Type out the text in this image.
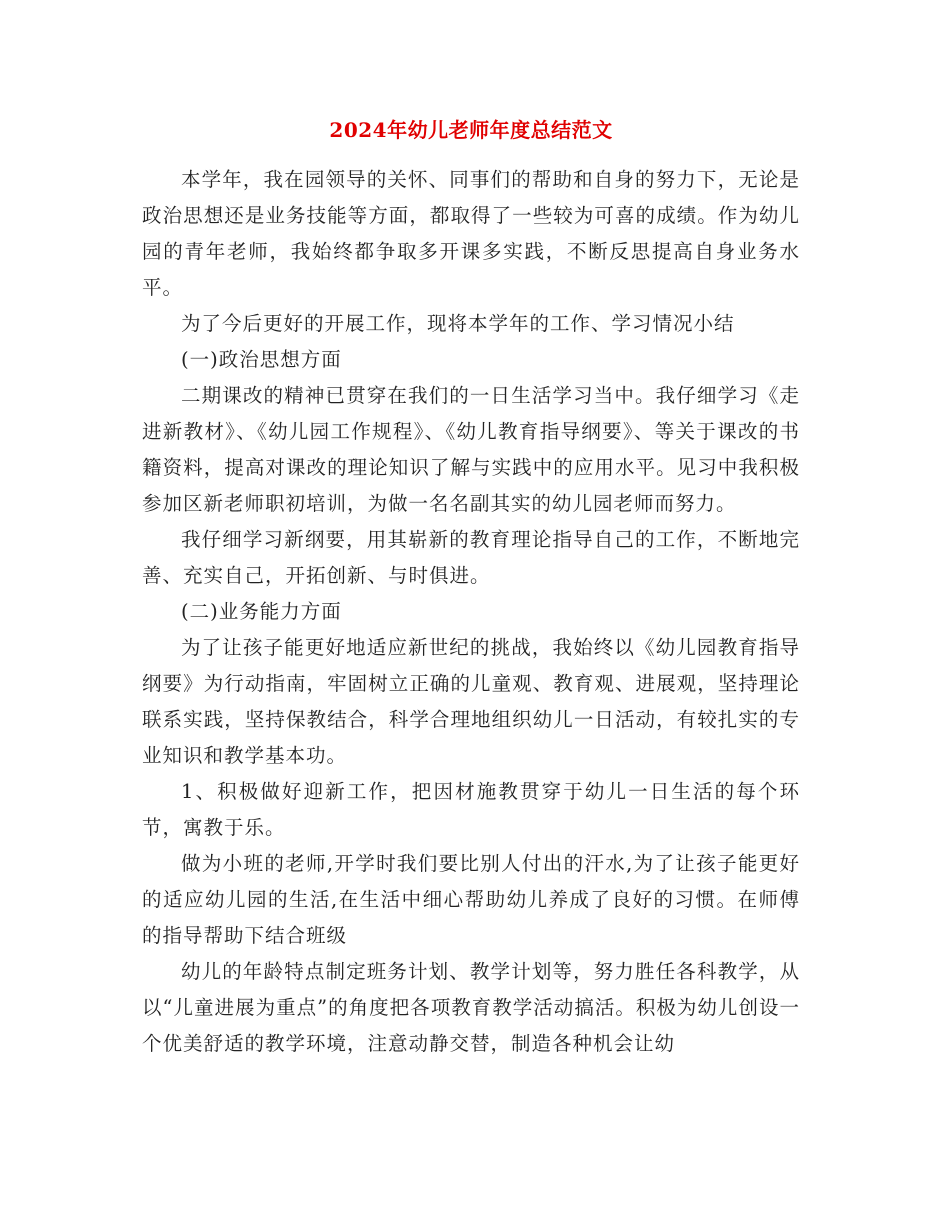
2024年幼儿老师年度总结范文

本学年，我在园领导的关怀、同事们的帮助和自身的努力下，无论是政治思想还是业务技能等方面，都取得了一些较为可喜的成绩。作为幼儿园的青年老师，我始终都争取多开课多实践，不断反思提高自身业务水平。

为了今后更好的开展工作，现将本学年的工作、学习情况小结

(一)政治思想方面

二期课改的精神已贯穿在我们的一日生活学习当中。我仔细学习《走进新教材》、《幼儿园工作规程》、《幼儿教育指导纲要》、等关于课改的书籍资料，提高对课改的理论知识了解与实践中的应用水平。见习中我积极参加区新老师职初培训，为做一名名副其实的幼儿园老师而努力。

我仔细学习新纲要，用其崭新的教育理论指导自己的工作，不断地完善、充实自己，开拓创新、与时俱进。

(二)业务能力方面

为了让孩子能更好地适应新世纪的挑战，我始终以《幼儿园教育指导纲要》为行动指南，牢固树立正确的儿童观、教育观、进展观，坚持理论联系实践，坚持保教结合，科学合理地组织幼儿一日活动，有较扎实的专业知识和教学基本功。

1、积极做好迎新工作，把因材施教贯穿于幼儿一日生活的每个环节，寓教于乐。

做为小班的老师,开学时我们要比别人付出的汗水,为了让孩子能更好的适应幼儿园的生活,在生活中细心帮助幼儿养成了良好的习惯。在师傅的指导帮助下结合班级

幼儿的年龄特点制定班务计划、教学计划等，努力胜任各科教学，从以“儿童进展为重点”的角度把各项教育教学活动搞活。积极为幼儿创设一个优美舒适的教学环境，注意动静交替，制造各种机会让幼
